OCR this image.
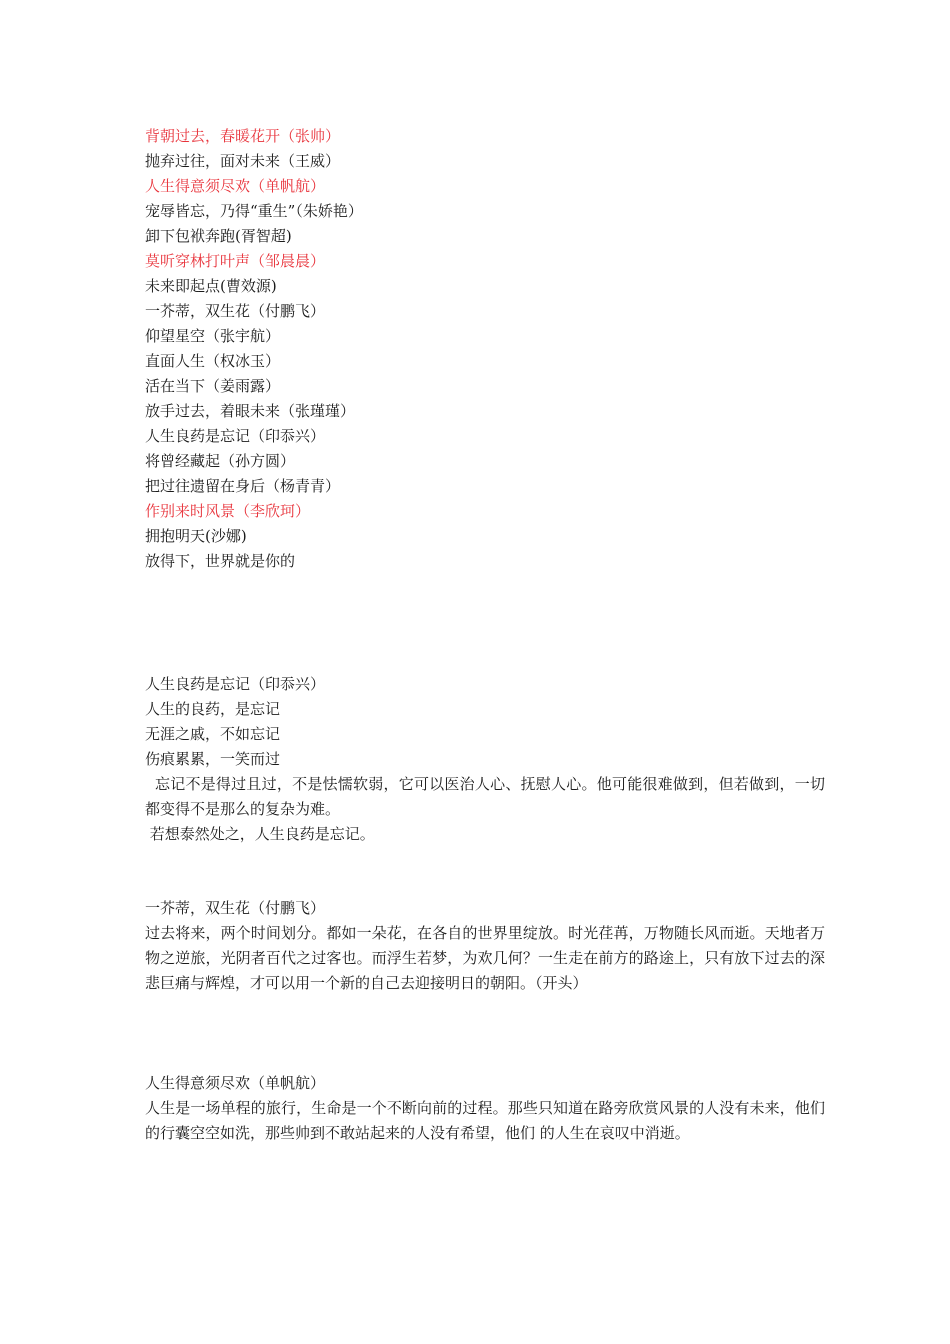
背朝过去，春暖花开（张帅）
抛弃过往，面对未来（王威）
人生得意须尽欢（单帆航）
宠辱皆忘，乃得“重生”（朱娇艳）
卸下包袱奔跑(胥智超)
莫听穿林打叶声（邹晨晨）
未来即起点(曹效源)
一芥蒂，双生花（付鹏飞）
仰望星空（张宇航）
直面人生（权冰玉）
活在当下（姜雨露）
放手过去，着眼未来（张瑾瑾）
人生良药是忘记（印忝兴）
将曾经藏起（孙方圆）
把过往遗留在身后（杨青青）
作别来时风景（李欣珂）
拥抱明天(沙娜)
放得下，世界就是你的

人生良药是忘记（印忝兴）

人生的良药，是忘记

无涯之戚，不如忘记

伤痕累累，一笑而过

忘记不是得过且过，不是怯懦软弱，它可以医治人心、抚慰人心。他可能很难做到，但若做到，一切都变得不是那么的复杂为难。

若想泰然处之，人生良药是忘记。

一芥蒂，双生花（付鹏飞）

过去将来，两个时间划分。都如一朵花，在各自的世界里绽放。时光荏苒，万物随长风而逝。天地者万物之逆旅，光阴者百代之过客也。而浮生若梦，为欢几何？一生走在前方的路途上，只有放下过去的深悲巨痛与辉煌，才可以用一个新的自己去迎接明日的朝阳。（开头）

人生得意须尽欢（单帆航）

人生是一场单程的旅行，生命是一个不断向前的过程。那些只知道在路旁欣赏风景的人没有未来，他们的行囊空空如洗，那些帅到不敢站起来的人没有希望，他们 的人生在哀叹中消逝。
